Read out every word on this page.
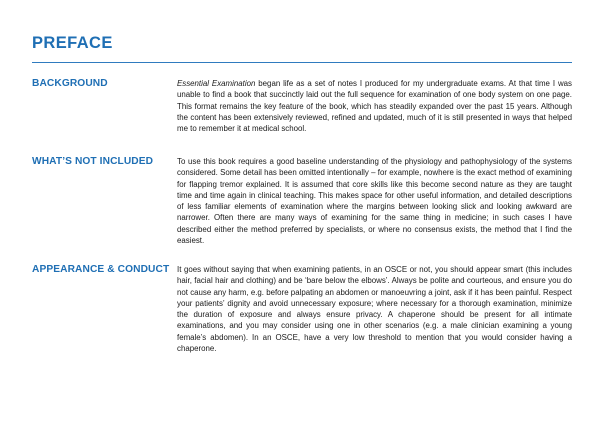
PREFACE
BACKGROUND	Essential Examination began life as a set of notes I produced for my undergraduate exams. At that time I was unable to find a book that succinctly laid out the full sequence for examination of one body system on one page. This format remains the key feature of the book, which has steadily expanded over the past 15 years. Although the content has been extensively reviewed, refined and updated, much of it is still presented in ways that helped me to remember it at medical school.

WHAT’S NOT INCLUDED	To use this book requires a good baseline understanding of the physiology and pathophysiology of the systems considered. Some detail has been omitted intentionally – for example, nowhere is the exact method of examining for flapping tremor explained. It is assumed that core skills like this become second nature as they are taught time and time again in clinical teaching. This makes space for other useful information, and detailed descriptions of less familiar elements of examination where the margins between looking slick and looking awkward are narrower. Often there are many ways of examining for the same thing in medicine; in such cases I have described either the method preferred by specialists, or where no consensus exists, the method that I find the easiest.

APPEARANCE & CONDUCT It goes without saying that when examining patients, in an OSCE or not, you should appear smart (this includes hair, facial hair and clothing) and be ‘bare below the elbows’. Always be polite and courteous, and ensure you do not cause any harm, e.g. before palpating an abdomen or manoeuvring a joint, ask if it has been painful. Respect your patients’ dignity and avoid unnecessary exposure; where necessary for a thorough examination, minimize the duration of exposure and always ensure privacy. A chaperone should be present for all intimate examinations, and you may consider using one in other scenarios (e.g. a male clinician examining a young female’s abdomen). In an OSCE, have a very low threshold to mention that you would consider having a chaperone.
